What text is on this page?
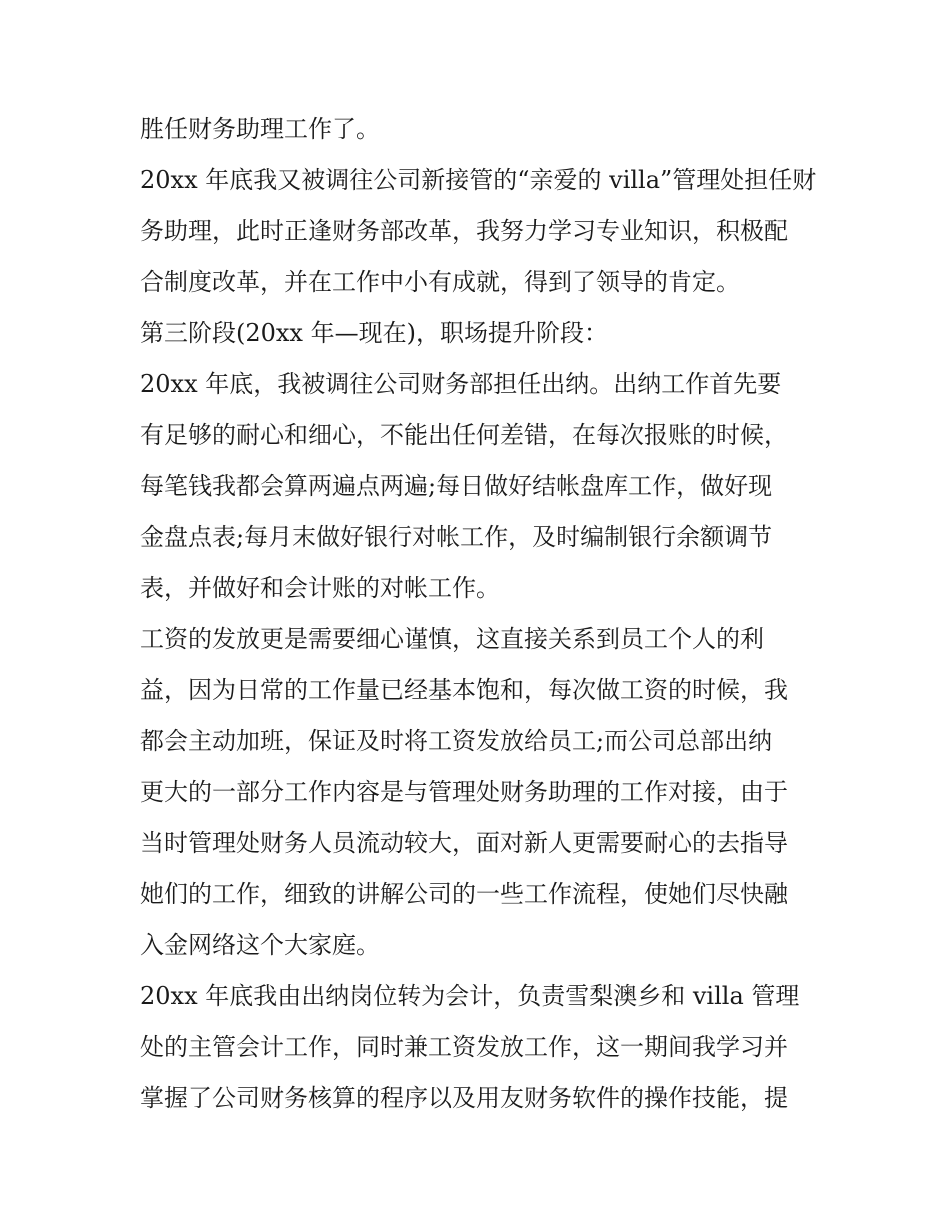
胜任财务助理工作了。
20xx 年底我又被调往公司新接管的“亲爱的 villa”管理处担任财
务助理，此时正逢财务部改革，我努力学习专业知识，积极配
合制度改革，并在工作中小有成就，得到了领导的肯定。
第三阶段(20xx 年—现在)，职场提升阶段：
20xx 年底，我被调往公司财务部担任出纳。出纳工作首先要
有足够的耐心和细心，不能出任何差错，在每次报账的时候，
每笔钱我都会算两遍点两遍;每日做好结帐盘库工作，做好现
金盘点表;每月末做好银行对帐工作，及时编制银行余额调节
表，并做好和会计账的对帐工作。
工资的发放更是需要细心谨慎，这直接关系到员工个人的利
益，因为日常的工作量已经基本饱和，每次做工资的时候，我
都会主动加班，保证及时将工资发放给员工;而公司总部出纳
更大的一部分工作内容是与管理处财务助理的工作对接，由于
当时管理处财务人员流动较大，面对新人更需要耐心的去指导
她们的工作，细致的讲解公司的一些工作流程，使她们尽快融
入金网络这个大家庭。
20xx 年底我由出纳岗位转为会计，负责雪梨澳乡和 villa 管理
处的主管会计工作，同时兼工资发放工作，这一期间我学习并
掌握了公司财务核算的程序以及用友财务软件的操作技能，提
